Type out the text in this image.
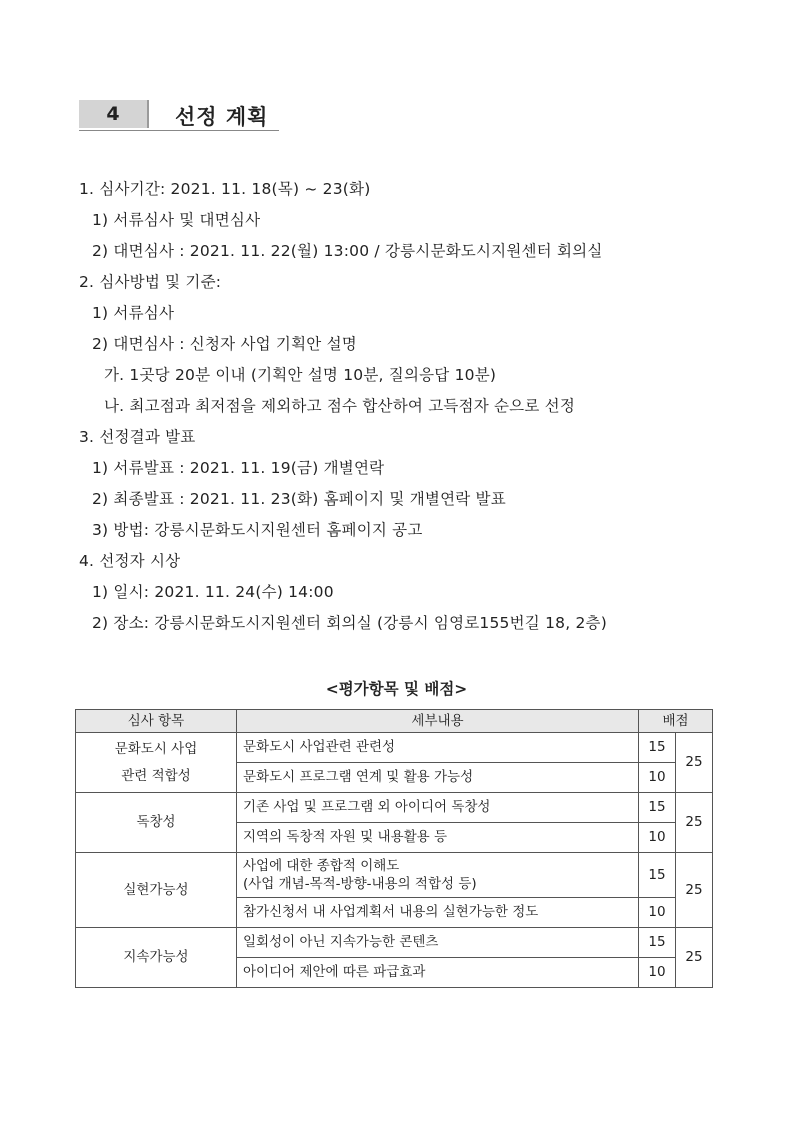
4	선정 계획
1. 심사기간: 2021. 11. 18(목) ~ 23(화)
1) 서류심사 및 대면심사
2) 대면심사 : 2021. 11. 22(월) 13:00 / 강릉시문화도시지원센터 회의실
2. 심사방법 및 기준:
1) 서류심사
2) 대면심사 : 신청자 사업 기획안 설명
가. 1곳당 20분 이내 (기획안 설명 10분, 질의응답 10분)
나. 최고점과 최저점을 제외하고 점수 합산하여 고득점자 순으로 선정
3. 선정결과 발표
1) 서류발표 : 2021. 11. 19(금) 개별연락
2) 최종발표 : 2021. 11. 23(화) 홈페이지 및 개별연락 발표
3) 방법: 강릉시문화도시지원센터 홈페이지 공고
4. 선정자 시상
1) 일시: 2021. 11. 24(수) 14:00
2) 장소: 강릉시문화도시지원센터 회의실 (강릉시 임영로155번길 18, 2층)
<평가항목 및 배점>
심사 항목	세부내용	배점	

문화도시 사업
관련 적합성	문화도시 사업관련 관련성	15	25
	문화도시 프로그램 연계 및 활용 가능성	10	
독창성	기존 사업 및 프로그램 외 아이디어 독창성	15	25
	지역의 독창적 자원 및 내용활용 등	10	
실현가능성	사업에 대한 종합적 이해도
(사업 개념-목적-방향-내용의 적합성 등)	15	25
	참가신청서 내 사업계획서 내용의 실현가능한 정도	10	
지속가능성	일회성이 아닌 지속가능한 콘텐츠	15	25
	아이디어 제안에 따른 파급효과	10	
